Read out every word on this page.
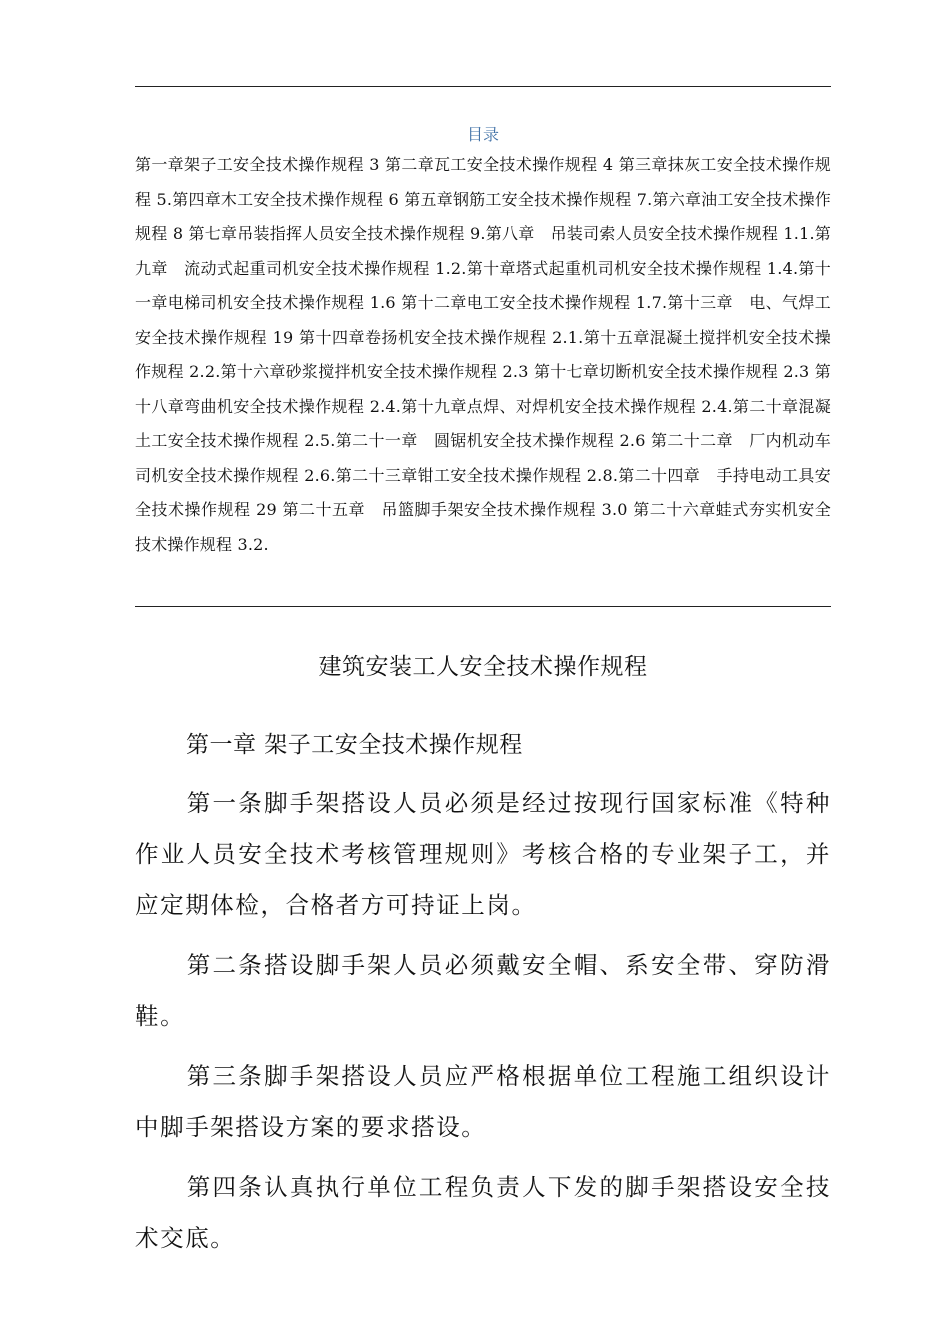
目录
第一章架子工安全技术操作规程 3 第二章瓦工安全技术操作规程 4 第三章抹灰工安全技术操作规程 5.第四章木工安全技术操作规程 6 第五章钢筋工安全技术操作规程 7.第六章油工安全技术操作规程 8 第七章吊装指挥人员安全技术操作规程 9.第八章　吊装司索人员安全技术操作规程 1.1.第九章　流动式起重司机安全技术操作规程 1.2.第十章塔式起重机司机安全技术操作规程 1.4.第十一章电梯司机安全技术操作规程 1.6 第十二章电工安全技术操作规程 1.7.第十三章　电、气焊工安全技术操作规程 19 第十四章卷扬机安全技术操作规程 2.1.第十五章混凝土搅拌机安全技术操作规程 2.2.第十六章砂浆搅拌机安全技术操作规程 2.3 第十七章切断机安全技术操作规程 2.3 第十八章弯曲机安全技术操作规程 2.4.第十九章点焊、对焊机安全技术操作规程 2.4.第二十章混凝土工安全技术操作规程 2.5.第二十一章　圆锯机安全技术操作规程 2.6 第二十二章　厂内机动车司机安全技术操作规程 2.6.第二十三章钳工安全技术操作规程 2.8.第二十四章　手持电动工具安全技术操作规程 29 第二十五章　吊篮脚手架安全技术操作规程 3.0 第二十六章蛙式夯实机安全技术操作规程 3.2.
建筑安装工人安全技术操作规程
第一章 架子工安全技术操作规程

第一条脚手架搭设人员必须是经过按现行国家标准《特种作业人员安全技术考核管理规则》考核合格的专业架子工，并应定期体检，合格者方可持证上岗。

第二条搭设脚手架人员必须戴安全帽、系安全带、穿防滑鞋。

第三条脚手架搭设人员应严格根据单位工程施工组织设计中脚手架搭设方案的要求搭设。

第四条认真执行单位工程负责人下发的脚手架搭设安全技术交底。
